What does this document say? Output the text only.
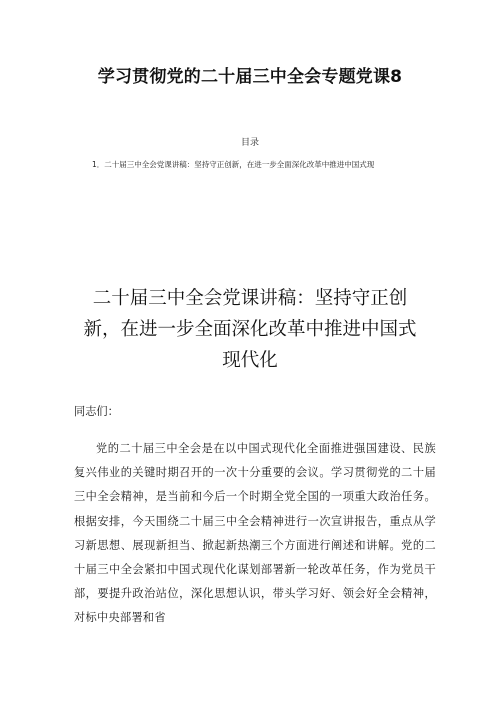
学习贯彻党的二十届三中全会专题党课8
目录
1．二十届三中全会党课讲稿：坚持守正创新，在进一步全面深化改革中推进中国式现
二十届三中全会党课讲稿：坚持守正创
新，在进一步全面深化改革中推进中国式
现代化
同志们：
党的二十届三中全会是在以中国式现代化全面推进强国建设、民族复兴伟业的关键时期召开的一次十分重要的会议。学习贯彻党的二十届三中全会精神，是当前和今后一个时期全党全国的一项重大政治任务。根据安排，今天围绕二十届三中全会精神进行一次宣讲报告，重点从学习新思想、展现新担当、掀起新热潮三个方面进行阐述和讲解。党的二十届三中全会紧扣中国式现代化谋划部署新一轮改革任务，作为党员干部，要提升政治站位，深化思想认识，带头学习好、领会好全会精神，对标中央部署和省
